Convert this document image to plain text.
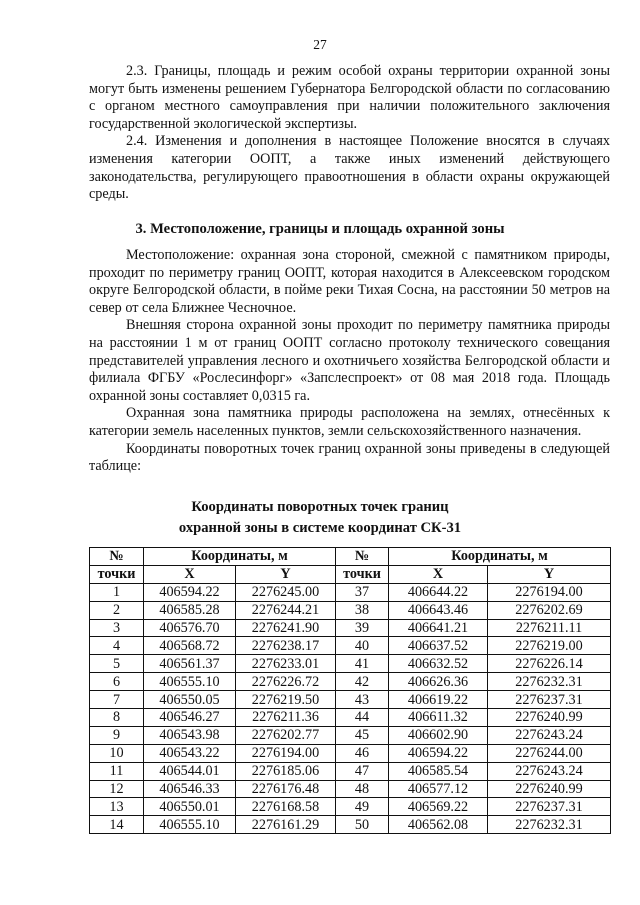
27

2.3. Границы, площадь и режим особой охраны территории охранной зоны могут быть изменены решением Губернатора Белгородской области по согласованию с органом местного самоуправления при наличии положительного заключения государственной экологической экспертизы.

2.4. Изменения и дополнения в настоящее Положение вносятся в случаях изменения категории ООПТ, а также иных изменений действующего законодательства, регулирующего правоотношения в области охраны окружающей среды.

3. Местоположение, границы и площадь охранной зоны

Местоположение: охранная зона стороной, смежной с памятником природы, проходит по периметру границ ООПТ, которая находится в Алексеевском городском округе Белгородской области, в пойме реки Тихая Сосна, на расстоянии 50 метров на север от села Ближнее Чесночное.

Внешняя сторона охранной зоны проходит по периметру памятника природы на расстоянии 1 м от границ ООПТ согласно протоколу технического совещания представителей управления лесного и охотничьего хозяйства Белгородской области и филиала ФГБУ «Рослесинфорг» «Запслеспроект» от 08 мая 2018 года. Площадь охранной зоны составляет 0,0315 га.

Охранная зона памятника природы расположена на землях, отнесённых к категории земель населенных пунктов, земли сельскохозяйственного назначения.

Координаты поворотных точек границ охранной зоны приведены в следующей таблице:

Координаты поворотных точек границ
охранной зоны в системе координат СК-31
№	Координаты, м		№	Координаты, м	
точки	X	Y	точки	X	Y
1	406594.22	2276245.00	37	406644.22	2276194.00
2	406585.28	2276244.21	38	406643.46	2276202.69
3	406576.70	2276241.90	39	406641.21	2276211.11
4	406568.72	2276238.17	40	406637.52	2276219.00
5	406561.37	2276233.01	41	406632.52	2276226.14
6	406555.10	2276226.72	42	406626.36	2276232.31
7	406550.05	2276219.50	43	406619.22	2276237.31
8	406546.27	2276211.36	44	406611.32	2276240.99
9	406543.98	2276202.77	45	406602.90	2276243.24
10	406543.22	2276194.00	46	406594.22	2276244.00
11	406544.01	2276185.06	47	406585.54	2276243.24
12	406546.33	2276176.48	48	406577.12	2276240.99
13	406550.01	2276168.58	49	406569.22	2276237.31
14	406555.10	2276161.29	50	406562.08	2276232.31
